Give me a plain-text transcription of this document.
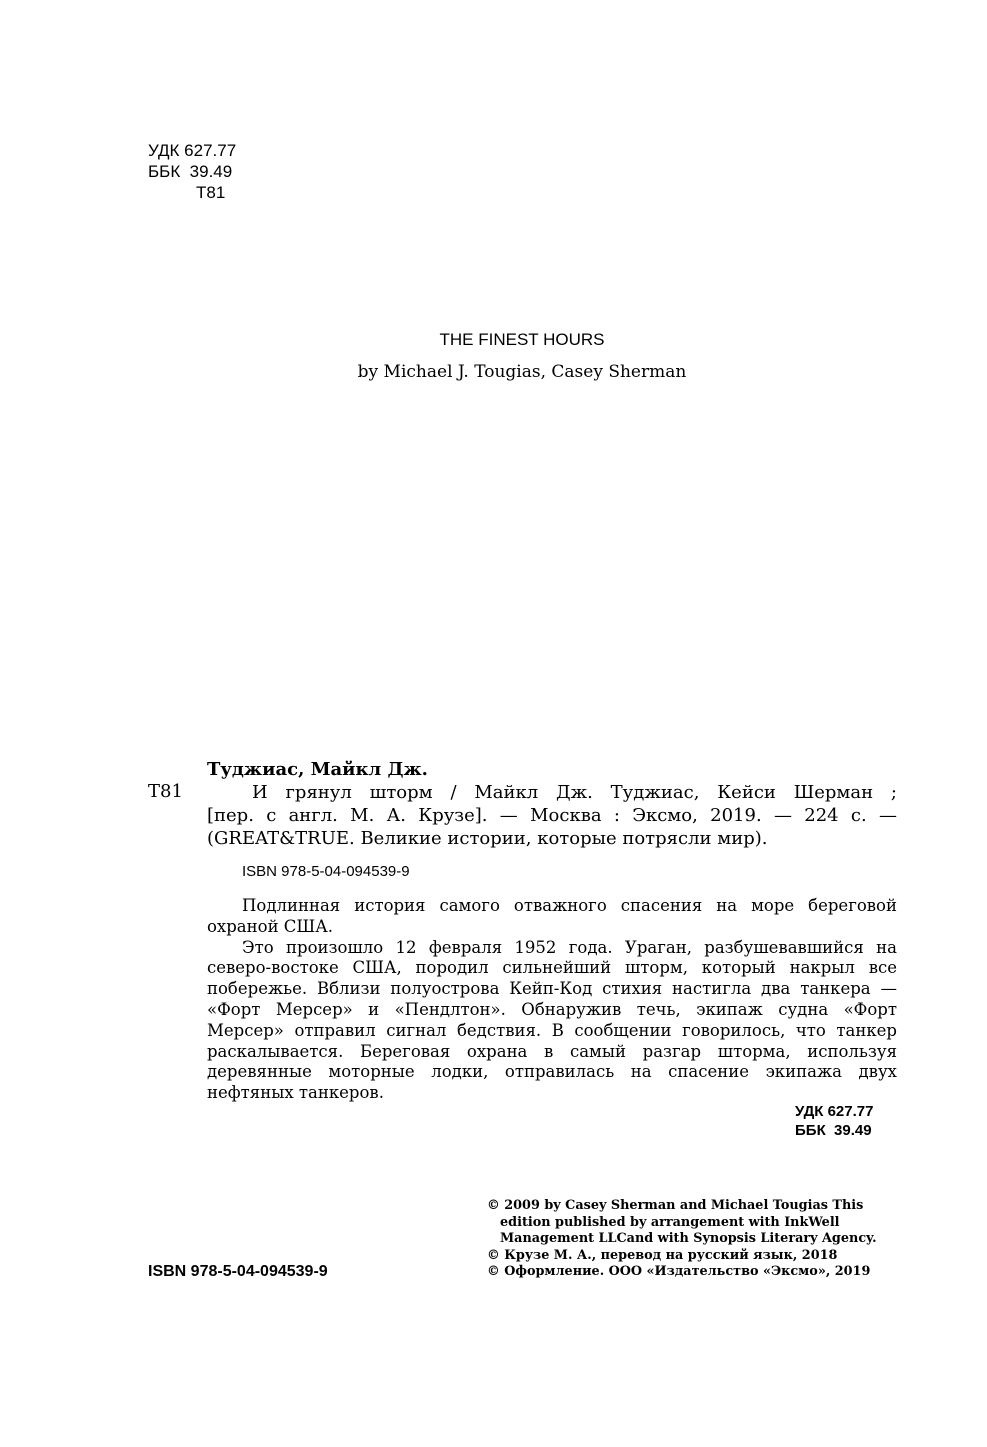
УДК 627.77
ББК  39.49
Т81
THE FINEST HOURS
by Michael J. Tougias, Casey Sherman
Туджиас, Майкл Дж.
Т81	И грянул шторм / Майкл Дж. Туджиас, Кейси Шерман ;
[пер. с англ. М. А. Крузе]. — Москва : Эксмо, 2019. — 224 с. —
(GREAT&TRUE. Великие истории, которые потрясли мир).
ISBN 978-5-04-094539-9
Подлинная история самого отважного спасения на море береговой
охраной США.
Это произошло 12 февраля 1952 года. Ураган, разбушевавшийся на
северо-востоке США, породил сильнейший шторм, который накрыл все
побережье. Вблизи полуострова Кейп-Код стихия настигла два танкера —
«Форт Мерсер» и «Пендлтон». Обнаружив течь, экипаж судна «Форт
Мерсер» отправил сигнал бедствия. В сообщении говорилось, что танкер
раскалывается. Береговая охрана в самый разгар шторма, используя
деревянные моторные лодки, отправилась на спасение экипажа двух
нефтяных танкеров.
УДК 627.77
ББК  39.49
ISBN 978-5-04-094539-9
© 2009 by Casey Sherman and Michael Tougias This
edition published by arrangement with InkWell
Management LLCand with Synopsis Literary Agency.
© Крузе М. А., перевод на русский язык, 2018
© Оформление. ООО «Издательство «Эксмо», 2019
